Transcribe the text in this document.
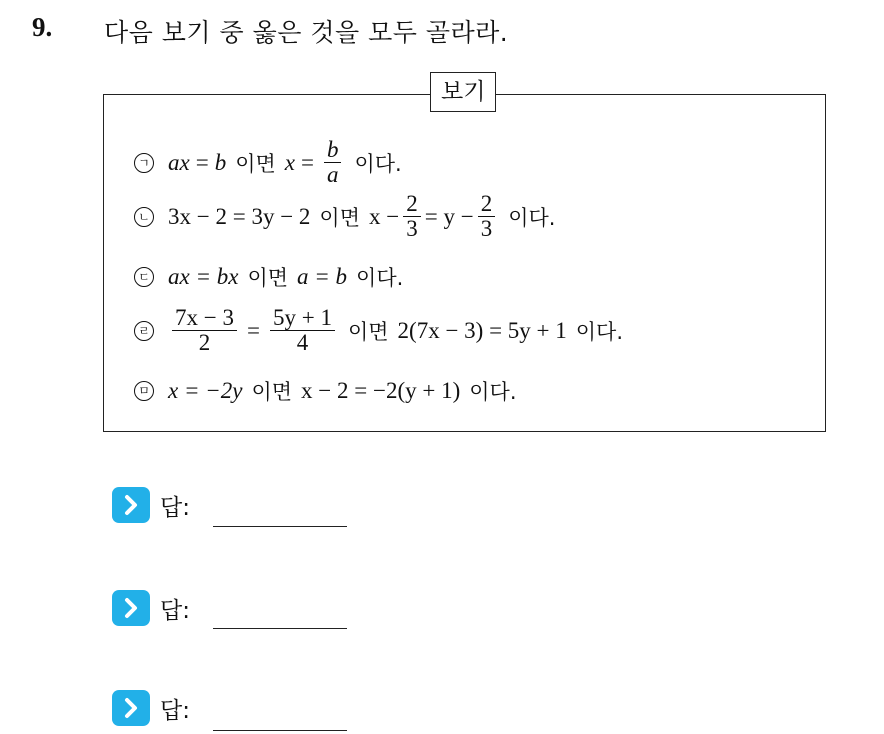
9. 다음 보기 중 옳은 것을 모두 골라라.
보기
ㄱ ax = b 이면 $x = \frac{b}{a}$ 이다.
ㄴ 3x − 2 = 3y − 2 이면 $x - \frac{2}{3} = y - \frac{2}{3}$ 이다.
ㄷ ax = bx 이면 a = b 이다.
ㄹ $\frac{7x - 3}{2} = \frac{5y + 1}{4}$ 이면 2(7x − 3) = 5y + 1 이다.
ㅁ x = −2y 이면 x − 2 = −2(y + 1) 이다.
답:
답:
답:
